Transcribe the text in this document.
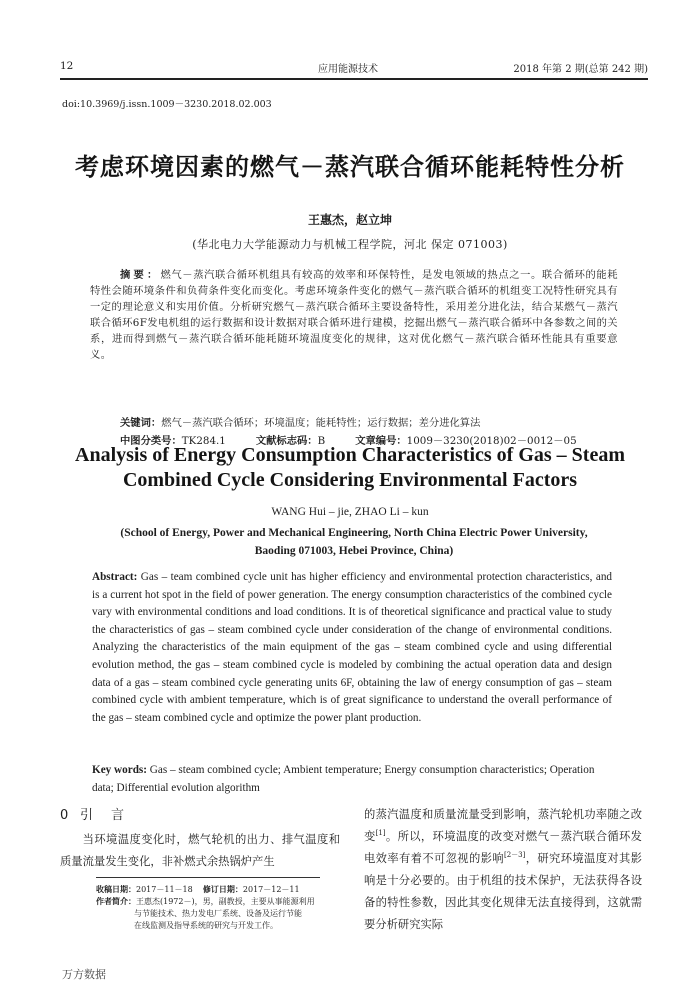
12	应用能源技术	2018 年第 2 期(总第 242 期)
doi:10.3969/j.issn.1009－3230.2018.02.003
考虑环境因素的燃气－蒸汽联合循环能耗特性分析
王惠杰，赵立坤
(华北电力大学能源动力与机械工程学院，河北 保定 071003)
摘要：燃气－蒸汽联合循环机组具有较高的效率和环保特性，是发电领域的热点之一。联合循环的能耗特性会随环境条件和负荷条件变化而变化。考虑环境条件变化的燃气－蒸汽联合循环的机组变工况特性研究具有一定的理论意义和实用价值。分析研究燃气－蒸汽联合循环主要设备特性，采用差分进化法，结合某燃气－蒸汽联合循环6F发电机组的运行数据和设计数据对联合循环进行建模，挖掘出燃气－蒸汽联合循环中各参数之间的关系，进而得到燃气－蒸汽联合循环能耗随环境温度变化的规律，这对优化燃气－蒸汽联合循环性能具有重要意义。
关键词：燃气－蒸汽联合循环；环境温度；能耗特性；运行数据；差分进化算法
中图分类号：TK284.1	文献标志码：B	文章编号：1009－3230(2018)02－0012－05
Analysis of Energy Consumption Characteristics of Gas – Steam
Combined Cycle Considering Environmental Factors
WANG Hui – jie, ZHAO Li – kun
(School of Energy, Power and Mechanical Engineering, North China Electric Power University,
Baoding 071003, Hebei Province, China)
Abstract: Gas – team combined cycle unit has higher efficiency and environmental protection characteristics, and is a current hot spot in the field of power generation. The energy consumption characteristics of the combined cycle vary with environmental conditions and load conditions. It is of theoretical significance and practical value to study the characteristics of gas – steam combined cycle under consideration of the change of environmental conditions. Analyzing the characteristics of the main equipment of the gas – steam combined cycle and using differential evolution method, the gas – steam combined cycle is modeled by combining the actual operation data and design data of a gas – steam combined cycle generating units 6F, obtaining the law of energy consumption of gas – steam combined cycle with ambient temperature, which is of great significance to understand the overall performance of the gas – steam combined cycle and optimize the power plant production.
Key words: Gas – steam combined cycle; Ambient temperature; Energy consumption characteristics; Operation data; Differential evolution algorithm
0 引 言

当环境温度变化时，燃气轮机的出力、排气温度和质量流量发生变化，非补燃式余热锅炉产生

收稿日期：2017－11－18 修订日期：2017－12－11
作者简介：王惠杰(1972－)，男，副教授，主要从事能源利用
与节能技术、热力发电厂系统、设备及运行节能
在线监测及指导系统的研究与开发工作。
的蒸汽温度和质量流量受到影响，蒸汽轮机功率随之改变[1]。所以，环境温度的改变对燃气－蒸汽联合循环发电效率有着不可忽视的影响[2－3]，研究环境温度对其影响是十分必要的。由于机组的技术保护，无法获得各设备的特性参数，因此其变化规律无法直接得到，这就需要分析研究实际
万方数据
